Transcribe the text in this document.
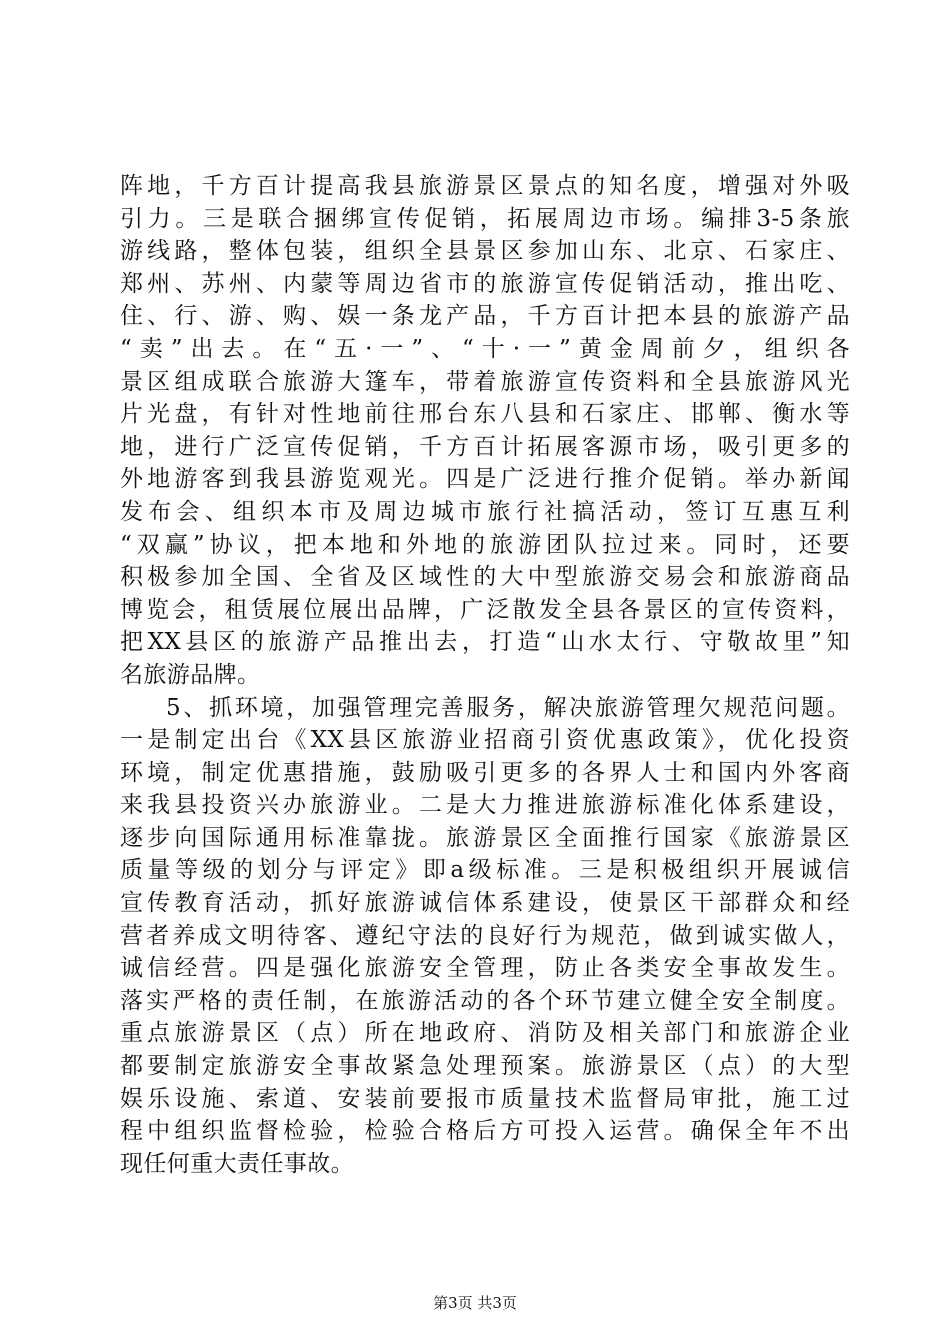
阵地，千方百计提高我县旅游景区景点的知名度，增强对外吸
引力。三是联合捆绑宣传促销，拓展周边市场。编排3-5条旅
游线路，整体包装，组织全县景区参加山东、北京、石家庄、
郑州、苏州、内蒙等周边省市的旅游宣传促销活动，推出吃、
住、行、游、购、娱一条龙产品，千方百计把本县的旅游产品
“卖”出去。在“五·一”、“十·一”黄金周前夕，组织各
景区组成联合旅游大篷车，带着旅游宣传资料和全县旅游风光
片光盘，有针对性地前往邢台东八县和石家庄、邯郸、衡水等
地，进行广泛宣传促销，千方百计拓展客源市场，吸引更多的
外地游客到我县游览观光。四是广泛进行推介促销。举办新闻
发布会、组织本市及周边城市旅行社搞活动，签订互惠互利
“双赢”协议，把本地和外地的旅游团队拉过来。同时，还要
积极参加全国、全省及区域性的大中型旅游交易会和旅游商品
博览会，租赁展位展出品牌，广泛散发全县各景区的宣传资料，
把XX县区的旅游产品推出去，打造“山水太行、守敬故里”知
名旅游品牌。
5、抓环境，加强管理完善服务，解决旅游管理欠规范问题。
一是制定出台《XX县区旅游业招商引资优惠政策》，优化投资
环境，制定优惠措施，鼓励吸引更多的各界人士和国内外客商
来我县投资兴办旅游业。二是大力推进旅游标准化体系建设，
逐步向国际通用标准靠拢。旅游景区全面推行国家《旅游景区
质量等级的划分与评定》即a级标准。三是积极组织开展诚信
宣传教育活动，抓好旅游诚信体系建设，使景区干部群众和经
营者养成文明待客、遵纪守法的良好行为规范，做到诚实做人，
诚信经营。四是强化旅游安全管理，防止各类安全事故发生。
落实严格的责任制，在旅游活动的各个环节建立健全安全制度。
重点旅游景区（点）所在地政府、消防及相关部门和旅游企业
都要制定旅游安全事故紧急处理预案。旅游景区（点）的大型
娱乐设施、索道、安装前要报市质量技术监督局审批，施工过
程中组织监督检验，检验合格后方可投入运营。确保全年不出
现任何重大责任事故。
第3页 共3页
